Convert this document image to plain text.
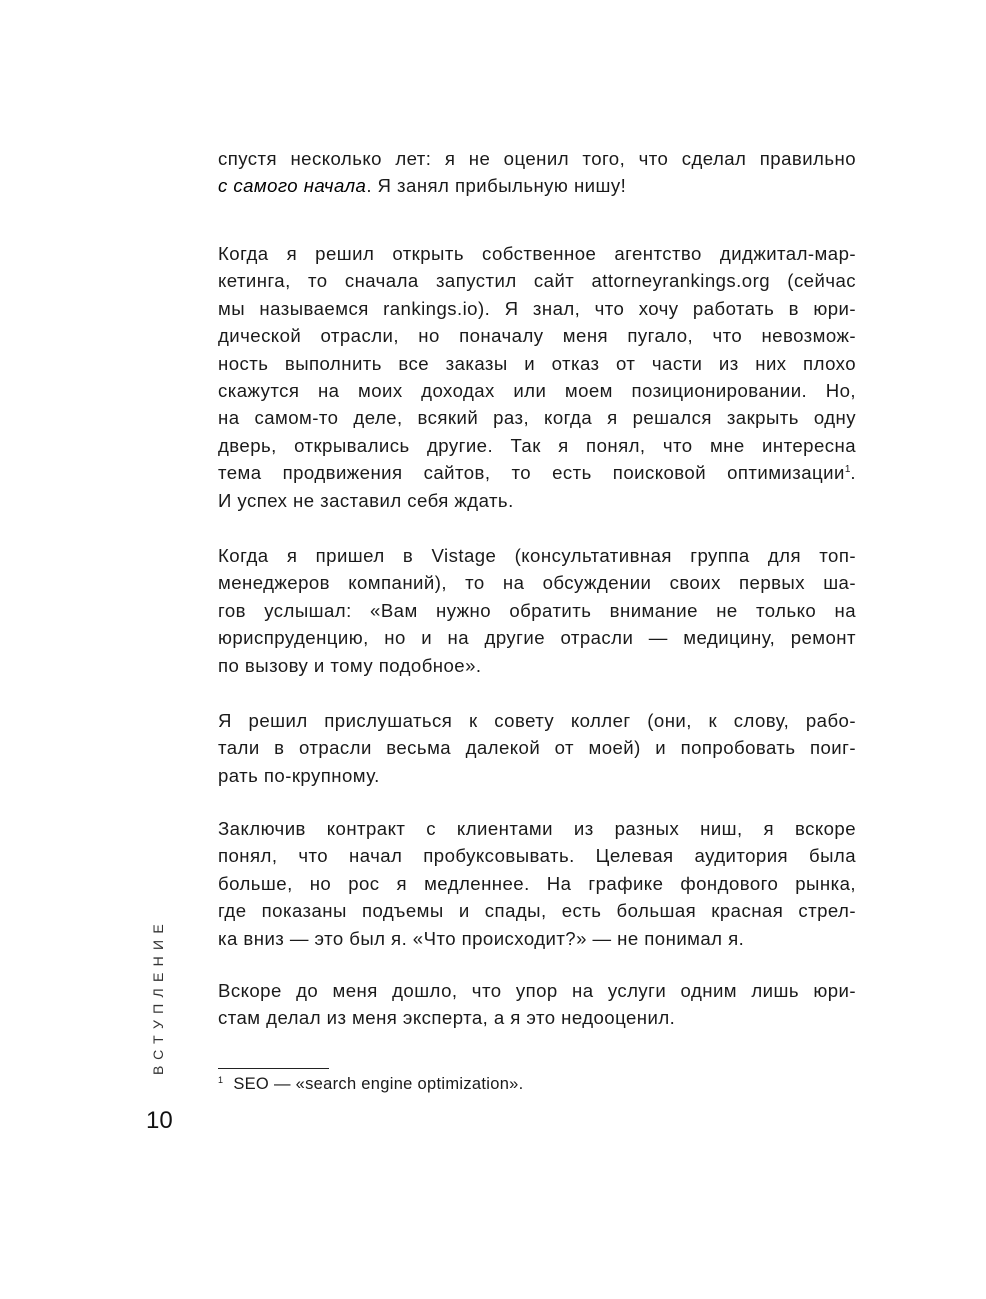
спустя несколько лет: я не оценил того, что сделал правильно
с самого начала. Я занял прибыльную нишу!
Когда я решил открыть собственное агентство диджитал-мар-
кетинга, то сначала запустил сайт attorneyrankings.org (сейчас
мы называемся rankings.io). Я знал, что хочу работать в юри-
дической отрасли, но поначалу меня пугало, что невозмож-
ность выполнить все заказы и отказ от части из них плохо
скажутся на моих доходах или моем позиционировании. Но,
на самом-то деле, всякий раз, когда я решался закрыть одну
дверь, открывались другие. Так я понял, что мне интересна
тема продвижения сайтов, то есть поисковой оптимизации$^1$.
И успех не заставил себя ждать.
Когда я пришел в Vistage (консультативная группа для топ-
менеджеров компаний), то на обсуждении своих первых ша-
гов услышал: «Вам нужно обратить внимание не только на
юриспруденцию, но и на другие отрасли — медицину, ремонт
по вызову и тому подобное».
Я решил прислушаться к совету коллег (они, к слову, рабо-
тали в отрасли весьма далекой от моей) и попробовать поиг-
рать по-крупному.
Заключив контракт с клиентами из разных ниш, я вскоре
понял, что начал пробуксовывать. Целевая аудитория была
больше, но рос я медленнее. На графике фондового рынка,
где показаны подъемы и спады, есть большая красная стрел-
ка вниз — это был я. «Что происходит?» — не понимал я.
Вскоре до меня дошло, что упор на услуги одним лишь юри-
стам делал из меня эксперта, а я это недооценил.
$^1$ SEO — «search engine optimization».
ВСТУПЛЕНИЕ
10
